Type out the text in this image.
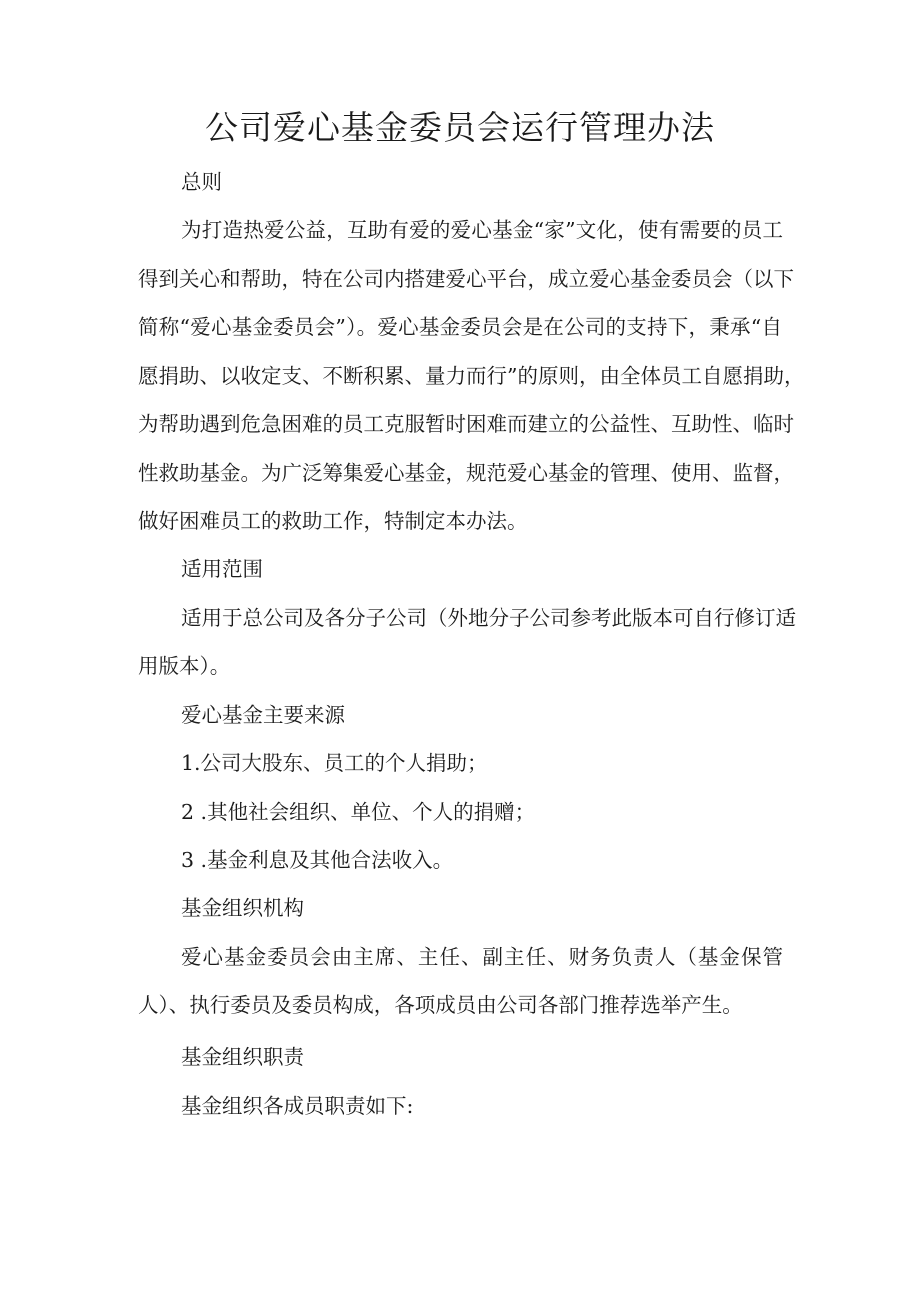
公司爱心基金委员会运行管理办法

总则

为打造热爱公益，互助有爱的爱心基金“家”文化，使有需要的员工

得到关心和帮助，特在公司内搭建爱心平台，成立爱心基金委员会（以下

简称“爱心基金委员会”）。爱心基金委员会是在公司的支持下，秉承“自

愿捐助、以收定支、不断积累、量力而行”的原则，由全体员工自愿捐助，

为帮助遇到危急困难的员工克服暂时困难而建立的公益性、互助性、临时

性救助基金。为广泛筹集爱心基金，规范爱心基金的管理、使用、监督，

做好困难员工的救助工作，特制定本办法。

适用范围

适用于总公司及各分子公司（外地分子公司参考此版本可自行修订适

用版本）。

爱心基金主要来源

1.公司大股东、员工的个人捐助；

2 .其他社会组织、单位、个人的捐赠；

3 .基金利息及其他合法收入。

基金组织机构

爱心基金委员会由主席、主任、副主任、财务负责人（基金保管

人）、执行委员及委员构成，各项成员由公司各部门推荐选举产生。

基金组织职责

基金组织各成员职责如下:
